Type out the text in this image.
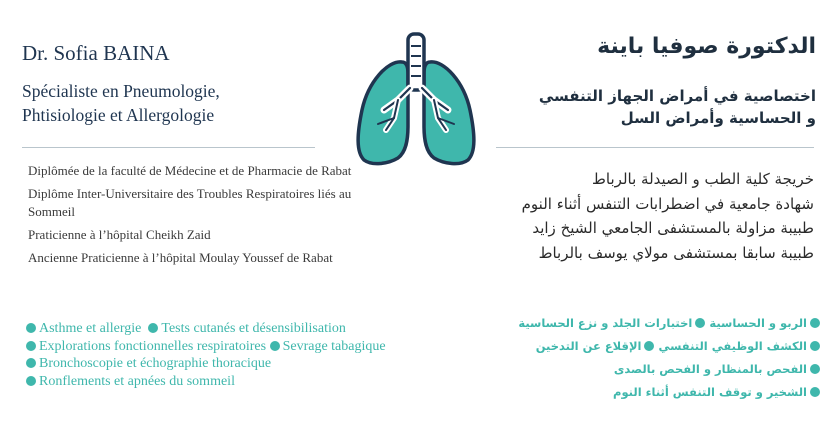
Dr. Sofia BAINA
Spécialiste en Pneumologie,
Phtisiologie et Allergologie
الدكتورة صوفيا باينة
اختصاصية في أمراض الجهاز التنفسي
و الحساسية وأمراض السل
Diplômée de la faculté de Médecine et de Pharmacie de Rabat
Diplôme Inter-Universitaire des Troubles Respiratoires liés au Sommeil
Praticienne à l’hôpital Cheikh Zaid
Ancienne Praticienne à l’hôpital Moulay Youssef de Rabat
خريجة كلية الطب و الصيدلة بالرباط
شهادة جامعية في اضطرابات التنفس أثناء النوم
طبيبة مزاولة بالمستشفى الجامعي الشيخ زايد
طبيبة سابقا بمستشفى مولاي يوسف بالرباط
Asthme et allergie Tests cutanés et désensibilisation
Explorations fonctionnelles respiratoires Sevrage tabagique
Bronchoscopie et échographie thoracique
Ronflements et apnées du sommeil
الربو و الحساسية اختبارات الجلد و نزع الحساسية
الكشف الوظيفي التنفسي الإقلاع عن التدخين
الفحص بالمنظار و الفحص بالصدى
الشخير و توقف التنفس أثناء النوم
